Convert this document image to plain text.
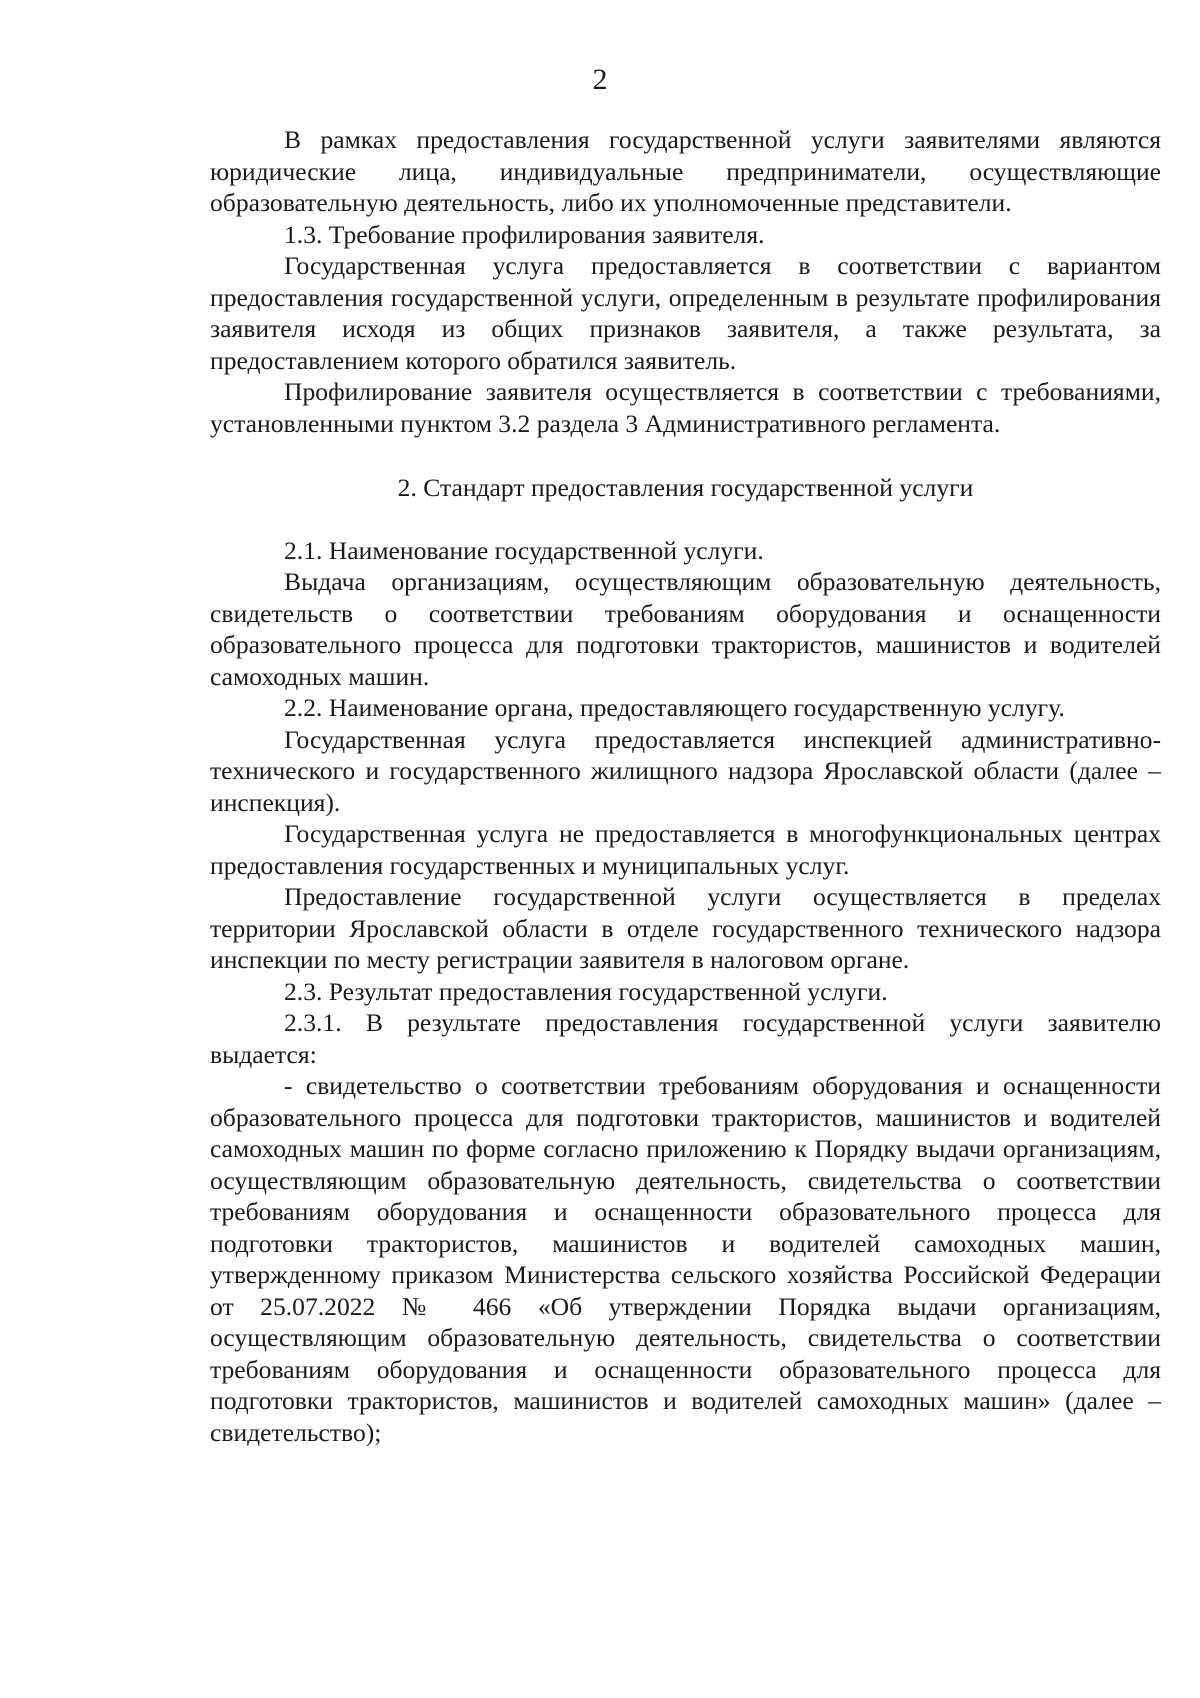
2

В рамках предоставления государственной услуги заявителями являются юридические лица, индивидуальные предприниматели, осуществляющие образовательную деятельность, либо их уполномоченные представители.

1.3. Требование профилирования заявителя.

Государственная услуга предоставляется в соответствии с вариантом предоставления государственной услуги, определенным в результате профилирования заявителя исходя из общих признаков заявителя, а также результата, за предоставлением которого обратился заявитель.

Профилирование заявителя осуществляется в соответствии с требованиями, установленными пунктом 3.2 раздела 3 Административного регламента.

2. Стандарт предоставления государственной услуги

2.1. Наименование государственной услуги.

Выдача организациям, осуществляющим образовательную деятельность, свидетельств о соответствии требованиям оборудования и оснащенности образовательного процесса для подготовки трактористов, машинистов и водителей самоходных машин.

2.2. Наименование органа, предоставляющего государственную услугу.

Государственная услуга предоставляется инспекцией административно-технического и государственного жилищного надзора Ярославской области (далее – инспекция).

Государственная услуга не предоставляется в многофункциональных центрах предоставления государственных и муниципальных услуг.

Предоставление государственной услуги осуществляется в пределах территории Ярославской области в отделе государственного технического надзора инспекции по месту регистрации заявителя в налоговом органе.

2.3. Результат предоставления государственной услуги.

2.3.1. В результате предоставления государственной услуги заявителю выдается:

- свидетельство о соответствии требованиям оборудования и оснащенности образовательного процесса для подготовки трактористов, машинистов и водителей самоходных машин по форме согласно приложению к Порядку выдачи организациям, осуществляющим образовательную деятельность, свидетельства о соответствии требованиям оборудования и оснащенности образовательного процесса для подготовки трактористов, машинистов и водителей самоходных машин, утвержденному приказом Министерства сельского хозяйства Российской Федерации от 25.07.2022 № 466 «Об утверждении Порядка выдачи организациям, осуществляющим образовательную деятельность, свидетельства о соответствии требованиям оборудования и оснащенности образовательного процесса для подготовки трактористов, машинистов и водителей самоходных машин» (далее – свидетельство);
